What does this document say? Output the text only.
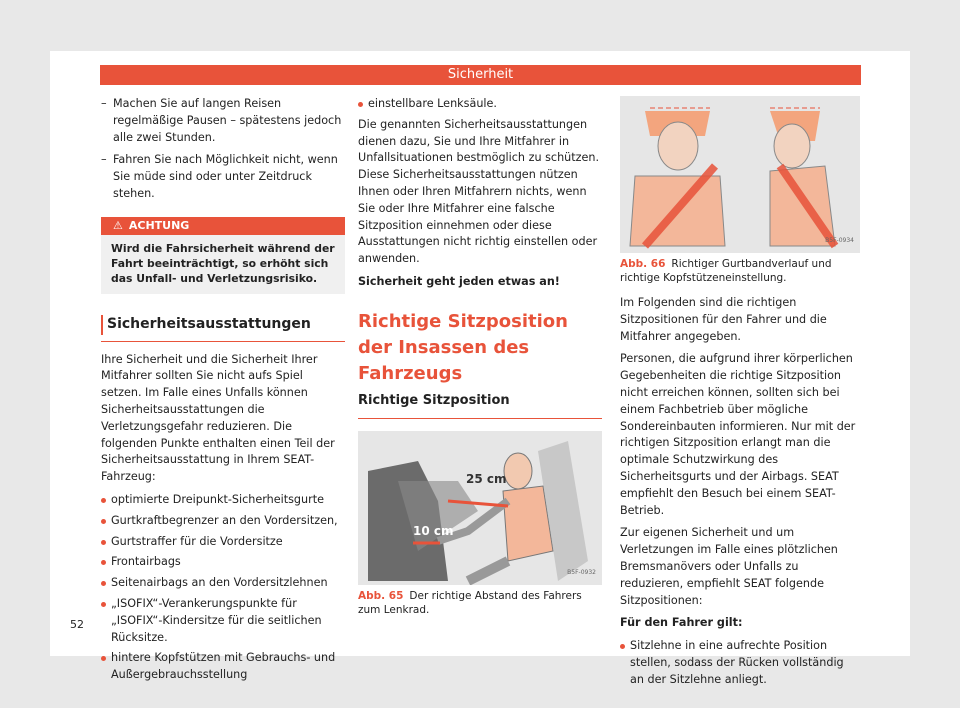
Sicherheit
– Machen Sie auf langen Reisen regelmäßige Pausen – spätestens jedoch alle zwei Stunden.
– Fahren Sie nach Möglichkeit nicht, wenn Sie müde sind oder unter Zeitdruck stehen.
⚠ ACHTUNG
Wird die Fahrsicherheit während der Fahrt beeinträchtigt, so erhöht sich das Unfall- und Verletzungsrisiko.
Sicherheitsausstattungen

Ihre Sicherheit und die Sicherheit Ihrer Mitfahrer sollten Sie nicht aufs Spiel setzen. Im Falle eines Unfalls können Sicherheitsausstattungen die Verletzungsgefahr reduzieren. Die folgenden Punkte enthalten einen Teil der Sicherheitsausstattung in Ihrem SEAT-Fahrzeug:

optimierte Dreipunkt-Sicherheitsgurte
Gurtkraftbegrenzer an den Vordersitzen,
Gurtstraffer für die Vordersitze
Frontairbags
Seitenairbags an den Vordersitzlehnen
„ISOFIX“-Verankerungspunkte für „ISOFIX“-Kindersitze für die seitlichen Rücksitze.
hintere Kopfstützen mit Gebrauchs- und Außergebrauchsstellung
einstellbare Lenksäule.

Die genannten Sicherheitsausstattungen dienen dazu, Sie und Ihre Mitfahrer in Unfallsituationen bestmöglich zu schützen. Diese Sicherheitsausstattungen nützen Ihnen oder Ihren Mitfahrern nichts, wenn Sie oder Ihre Mitfahrer eine falsche Sitzposition einnehmen oder diese Ausstattungen nicht richtig einstellen oder anwenden.

Sicherheit geht jeden etwas an!

Richtige Sitzposition der Insassen des Fahrzeugs
Richtige Sitzposition
25 cm
10 cm
B5F-0932
Abb. 65 Der richtige Abstand des Fahrers zum Lenkrad.
B5F-0934
Abb. 66 Richtiger Gurtbandverlauf und richtige Kopfstützeneinstellung.

Im Folgenden sind die richtigen Sitzpositionen für den Fahrer und die Mitfahrer angegeben.

Personen, die aufgrund ihrer körperlichen Gegebenheiten die richtige Sitzposition nicht erreichen können, sollten sich bei einem Fachbetrieb über mögliche Sondereinbauten informieren. Nur mit der richtigen Sitzposition erlangt man die optimale Schutzwirkung des Sicherheitsgurts und der Airbags. SEAT empfiehlt den Besuch bei einem SEAT-Betrieb.

Zur eigenen Sicherheit und um Verletzungen im Falle eines plötzlichen Bremsmanövers oder Unfalls zu reduzieren, empfiehlt SEAT folgende Sitzpositionen:

Für den Fahrer gilt:

Sitzlehne in eine aufrechte Position stellen, sodass der Rücken vollständig an der Sitzlehne anliegt.
52
